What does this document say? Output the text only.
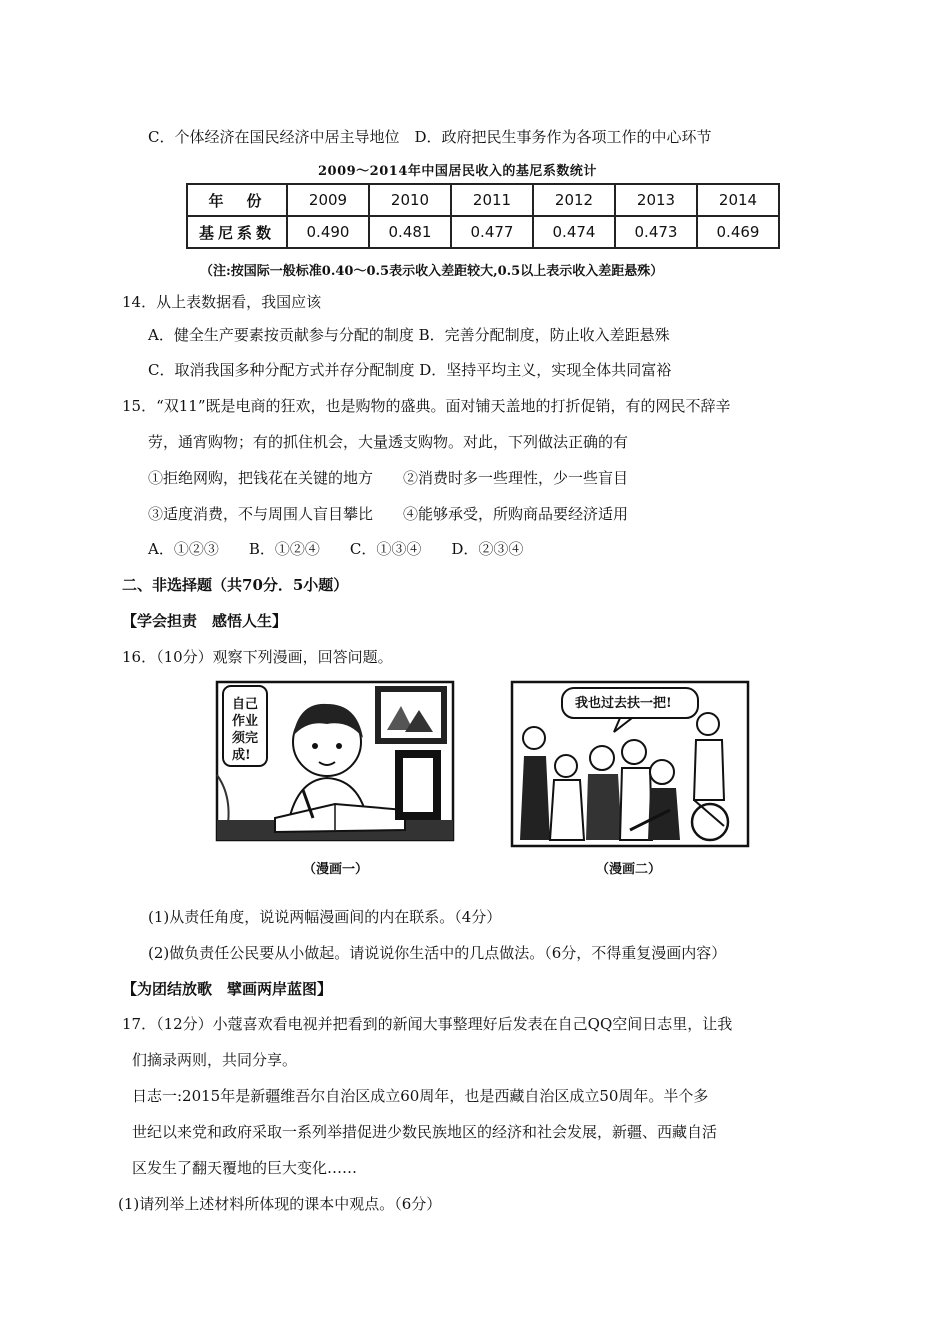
C．个体经济在国民经济中居主导地位　D．政府把民生事务作为各项工作的中心环节
2009～2014年中国居民收入的基尼系数统计
年　份	2009	2010	2011	2012	2013	2014
基尼系数	0.490	0.481	0.477	0.474	0.473	0.469
（注:按国际一般标准0.40～0.5表示收入差距较大,0.5以上表示收入差距悬殊）
14．从上表数据看，我国应该
A．健全生产要素按贡献参与分配的制度 B．完善分配制度，防止收入差距悬殊
C．取消我国多种分配方式并存分配制度 D．坚持平均主义，实现全体共同富裕
15．“双11”既是电商的狂欢，也是购物的盛典。面对铺天盖地的打折促销，有的网民不辞辛
劳，通宵购物；有的抓住机会，大量透支购物。对此，下列做法正确的有
①拒绝网购，把钱花在关键的地方　　②消费时多一些理性，少一些盲目
③适度消费，不与周围人盲目攀比　　④能够承受，所购商品要经济适用
A．①②③　　B．①②④　　C．①③④　　D．②③④
二、非选择题（共70分．5小题）
【学会担责　感悟人生】
16．（10分）观察下列漫画，回答问题。
自己
作业
须完
成!
（漫画一）
我也过去扶一把!
（漫画二）
(1)从责任角度，说说两幅漫画间的内在联系。（4分）
(2)做负责任公民要从小做起。请说说你生活中的几点做法。（6分，不得重复漫画内容）
【为团结放歌　擘画两岸蓝图】
17．（12分）小蔻喜欢看电视并把看到的新闻大事整理好后发表在自己QQ空间日志里，让我
们摘录两则，共同分享。
日志一:2015年是新疆维吾尔自治区成立60周年，也是西藏自治区成立50周年。半个多
世纪以来党和政府采取一系列举措促进少数民族地区的经济和社会发展，新疆、西藏自活
区发生了翻天覆地的巨大变化……
(1)请列举上述材料所体现的课本中观点。（6分）
